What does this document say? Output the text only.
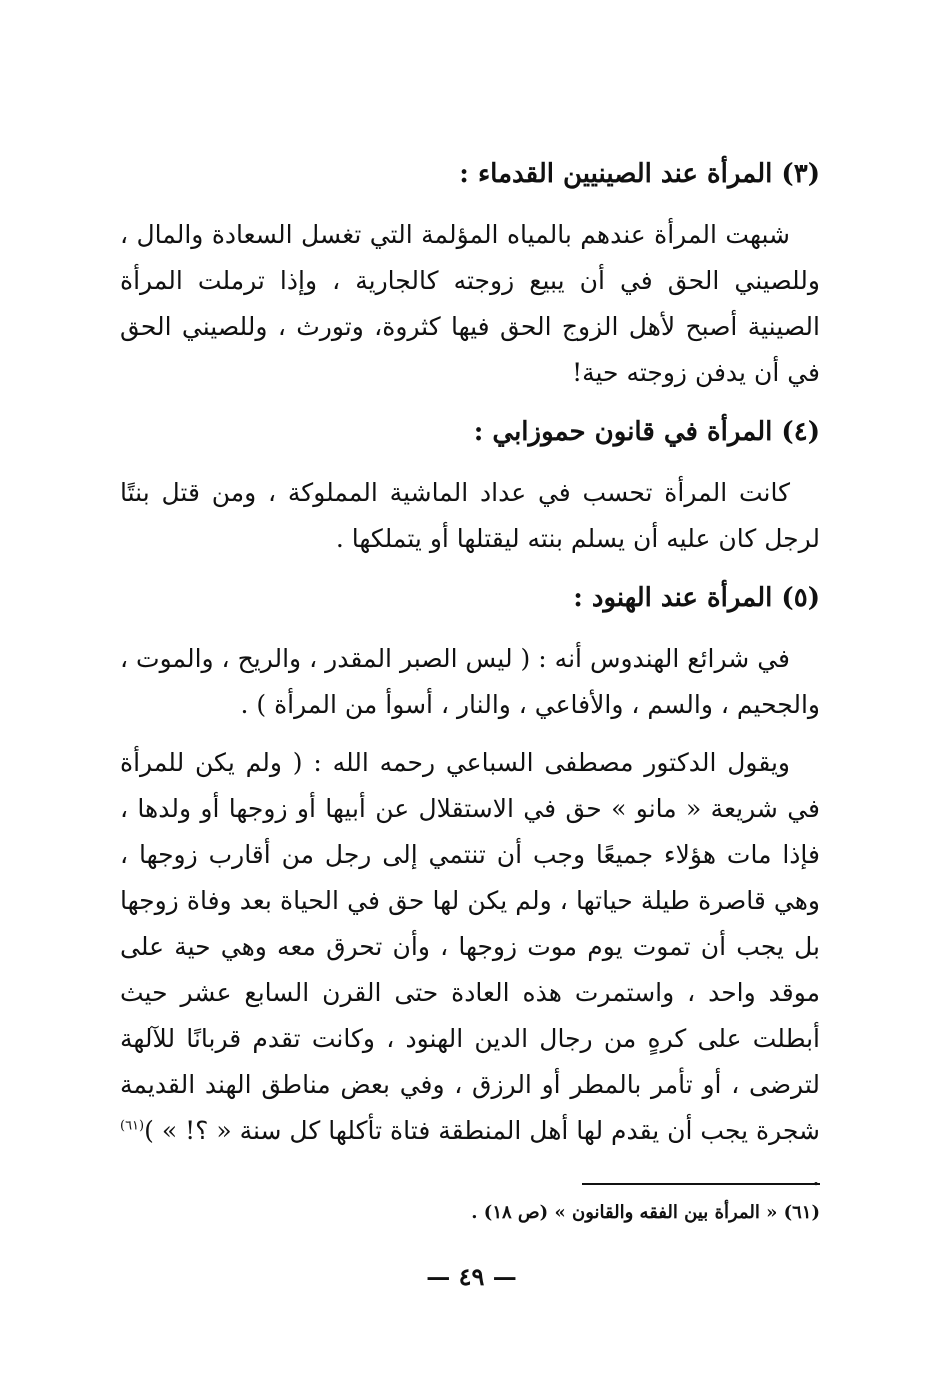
(٣) المرأة عند الصينيين القدماء :

شبهت المرأة عندهم بالمياه المؤلمة التي تغسل السعادة والمال ، وللصيني الحق في أن يبيع زوجته كالجارية ، وإذا ترملت المرأة الصينية أصبح لأهل الزوج الحق فيها كثروة، وتورث ، وللصيني الحق في أن يدفن زوجته حية!

(٤) المرأة في قانون حموزابي :

كانت المرأة تحسب في عداد الماشية المملوكة ، ومن قتل بنتًا لرجل كان عليه أن يسلم بنته ليقتلها أو يتملكها .

(٥) المرأة عند الهنود :

في شرائع الهندوس أنه : ( ليس الصبر المقدر ، والريح ، والموت ، والجحيم ، والسم ، والأفاعي ، والنار ، أسوأ من المرأة ) .

ويقول الدكتور مصطفى السباعي رحمه الله : ( ولم يكن للمرأة في شريعة « مانو » حق في الاستقلال عن أبيها أو زوجها أو ولدها ، فإذا مات هؤلاء جميعًا وجب أن تنتمي إلى رجل من أقارب زوجها ، وهي قاصرة طيلة حياتها ، ولم يكن لها حق في الحياة بعد وفاة زوجها بل يجب أن تموت يوم موت زوجها ، وأن تحرق معه وهي حية على موقد واحد ، واستمرت هذه العادة حتى القرن السابع عشر حيث أبطلت على كرهٍ من رجال الدين الهنود ، وكانت تقدم قربانًا للآلهة لترضى ، أو تأمر بالمطر أو الرزق ، وفي بعض مناطق الهند القديمة شجرة يجب أن يقدم لها أهل المنطقة فتاة تأكلها كل سنة « ؟! » )$^{(٦١)}$ .

(٦١) « المرأة بين الفقه والقانون » (ص ١٨) .
— ٤٩ —
